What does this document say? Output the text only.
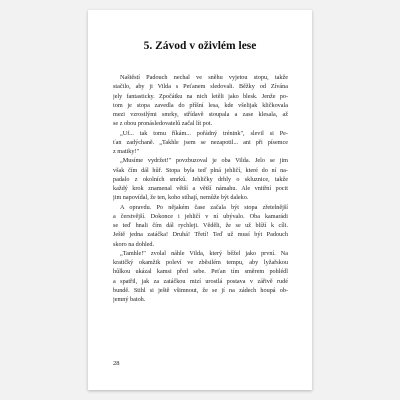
5. Závod v oživlém lese
Naštěstí Padouch nechal ve sněhu vyjetou stopu, takže
stačilo, aby ji Vilda s Peťanem sledovali. Běžky od Zívána
jely fantasticky. Zpočátku na nich letěli jako blesk. Jenže po-
tom je stopa zavedla do příšní lesa, kde všelijak kličkovala
mezi vzrostlými smrky, střídavě stoupala a zase klesala, až
se z obou pronásledovatelů začal lít pot.
„Uf... tak tomu říkám... pořádný trénink", slevil si Pe-
ťan zadýchaně. „Takhle jsem se nezapotil... ani při písemce
z matiky!"
„Musíme vydržet!" povzbuzoval je oba Vilda. Jelo se jim
však čím dál hůř. Stopa byla teď plná jehličí, které do ní na-
padalo z okolních smrků. Jehličky drhly o skluznice, takže
každý krok znamenal větší a větší námahu. Ale vnitřní pocit
jim napovídal, že ten, koho stíhají, nemůže být daleko.
A opravdu. Po nějakém čase začala být stopa zřetelnější
a čerstvější. Dokonce i jehličí v ní ubývalo. Oba kamarádi
se teď hnali čím dál rychleji. Věděli, že se už blíží k cíli.
Ještě jedna zatáčka! Druhá! Třetí! Teď už musí být Padouch
skoro na dohled.
„Tamhle!" zvolal náhle Vilda, který běžel jako první. Na
kratičký okamžik poleví ve zběsilém tempu, aby lyžařskou
hůlkou ukázal kamsi před sebe. Peťan tím směrem pohlédl
a spatřil, jak za zatáčkou mizí urostlá postava v zářivě rudé
bundě. Stihl si ještě všimnout, že se jí na zádech houpá ob-
jemný batoh.
28
